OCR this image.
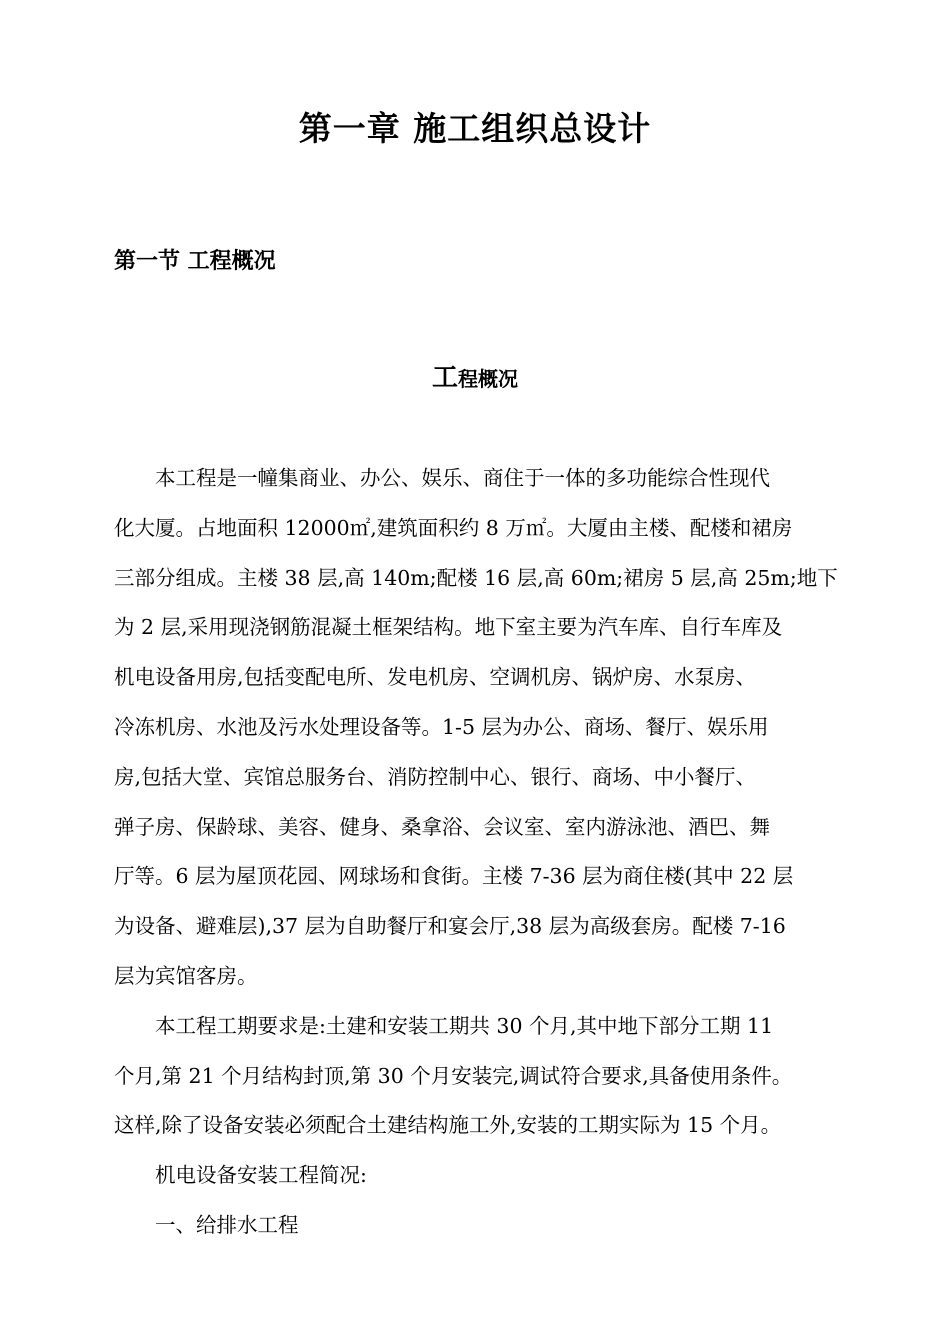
第一章 施工组织总设计
第一节 工程概况
工程概况
本工程是一幢集商业、办公、娱乐、商住于一体的多功能综合性现代
化大厦。占地面积 12000㎡,建筑面积约 8 万㎡。大厦由主楼、配楼和裙房
三部分组成。主楼 38 层,高 140m;配楼 16 层,高 60m;裙房 5 层,高 25m;地下
为 2 层,采用现浇钢筋混凝土框架结构。地下室主要为汽车库、自行车库及
机电设备用房,包括变配电所、发电机房、空调机房、锅炉房、水泵房、
冷冻机房、水池及污水处理设备等。1-5 层为办公、商场、餐厅、娱乐用
房,包括大堂、宾馆总服务台、消防控制中心、银行、商场、中小餐厅、
弹子房、保龄球、美容、健身、桑拿浴、会议室、室内游泳池、酒巴、舞
厅等。6 层为屋顶花园、网球场和食街。主楼 7-36 层为商住楼(其中 22 层
为设备、避难层),37 层为自助餐厅和宴会厅,38 层为高级套房。配楼 7-16
层为宾馆客房。
本工程工期要求是:土建和安装工期共 30 个月,其中地下部分工期 11
个月,第 21 个月结构封顶,第 30 个月安装完,调试符合要求,具备使用条件。
这样,除了设备安装必须配合土建结构施工外,安装的工期实际为 15 个月。
机电设备安装工程简况:
一、给排水工程
